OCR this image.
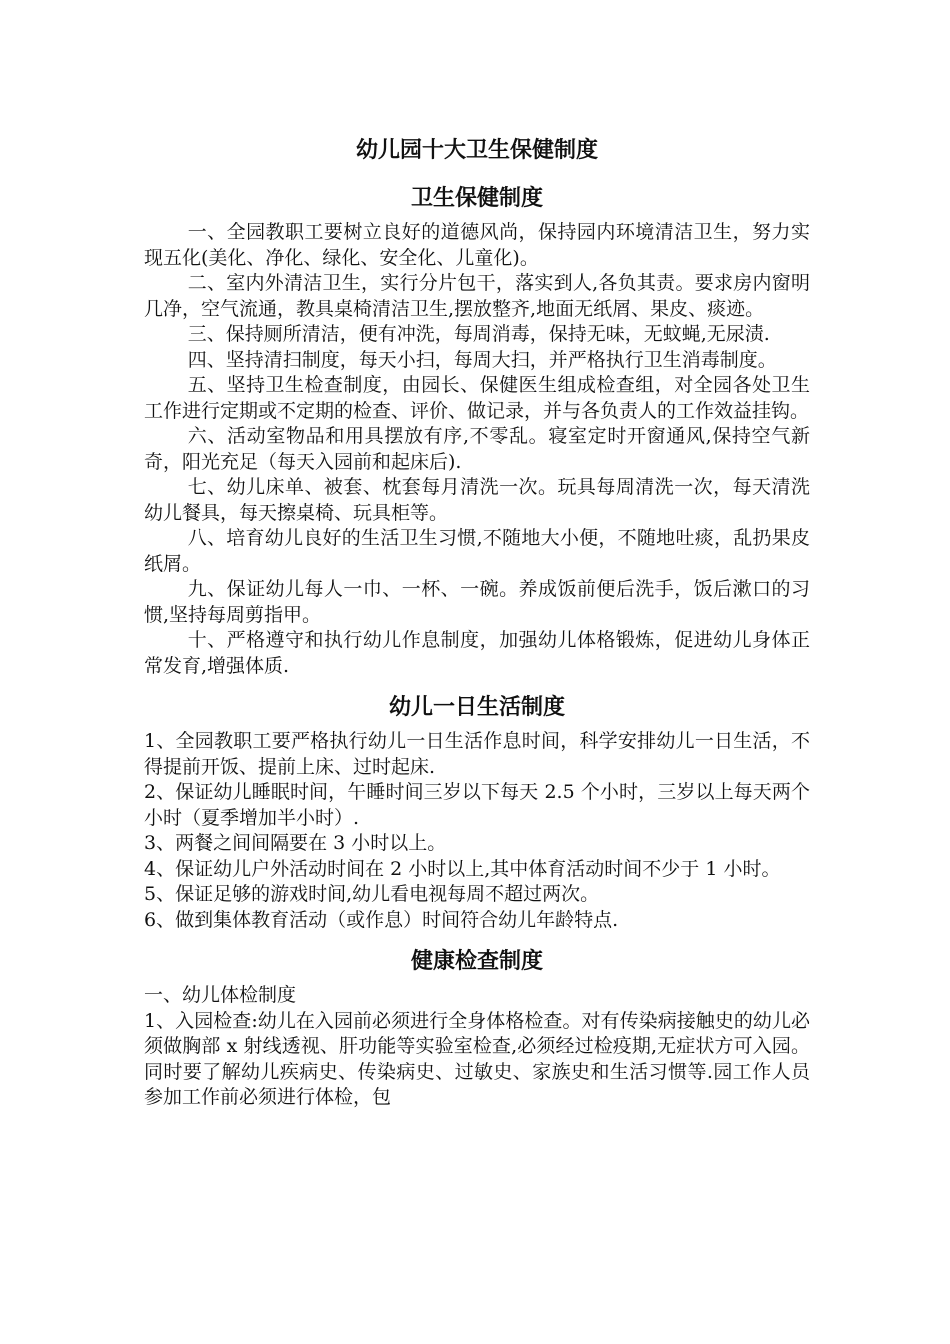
幼儿园十大卫生保健制度
卫生保健制度

一、全园教职工要树立良好的道德风尚，保持园内环境清洁卫生，努力实现五化(美化、净化、绿化、安全化、儿童化)。

二、室内外清洁卫生，实行分片包干，落实到人,各负其责。要求房内窗明几净，空气流通，教具桌椅清洁卫生,摆放整齐,地面无纸屑、果皮、痰迹。

三、保持厕所清洁，便有冲洗，每周消毒，保持无味，无蚊蝇,无尿渍.

四、坚持清扫制度，每天小扫，每周大扫，并严格执行卫生消毒制度。

五、坚持卫生检查制度，由园长、保健医生组成检查组，对全园各处卫生工作进行定期或不定期的检查、评价、做记录，并与各负责人的工作效益挂钩。

六、活动室物品和用具摆放有序,不零乱。寝室定时开窗通风,保持空气新奇，阳光充足（每天入园前和起床后).

七、幼儿床单、被套、枕套每月清洗一次。玩具每周清洗一次，每天清洗幼儿餐具，每天擦桌椅、玩具柜等。

八、培育幼儿良好的生活卫生习惯,不随地大小便，不随地吐痰，乱扔果皮纸屑。

九、保证幼儿每人一巾、一杯、一碗。养成饭前便后洗手，饭后漱口的习惯,坚持每周剪指甲。

十、严格遵守和执行幼儿作息制度，加强幼儿体格锻炼，促进幼儿身体正常发育,增强体质.

幼儿一日生活制度

1、全园教职工要严格执行幼儿一日生活作息时间，科学安排幼儿一日生活，不得提前开饭、提前上床、过时起床.

2、保证幼儿睡眠时间，午睡时间三岁以下每天 2.5 个小时，三岁以上每天两个小时（夏季增加半小时）.

3、两餐之间间隔要在 3 小时以上。

4、保证幼儿户外活动时间在 2 小时以上,其中体育活动时间不少于 1 小时。

5、保证足够的游戏时间,幼儿看电视每周不超过两次。

6、做到集体教育活动（或作息）时间符合幼儿年龄特点.

健康检查制度

一、幼儿体检制度

1、入园检查:幼儿在入园前必须进行全身体格检查。对有传染病接触史的幼儿必须做胸部 x 射线透视、肝功能等实验室检查,必须经过检疫期,无症状方可入园。同时要了解幼儿疾病史、传染病史、过敏史、家族史和生活习惯等.园工作人员参加工作前必须进行体检，包
